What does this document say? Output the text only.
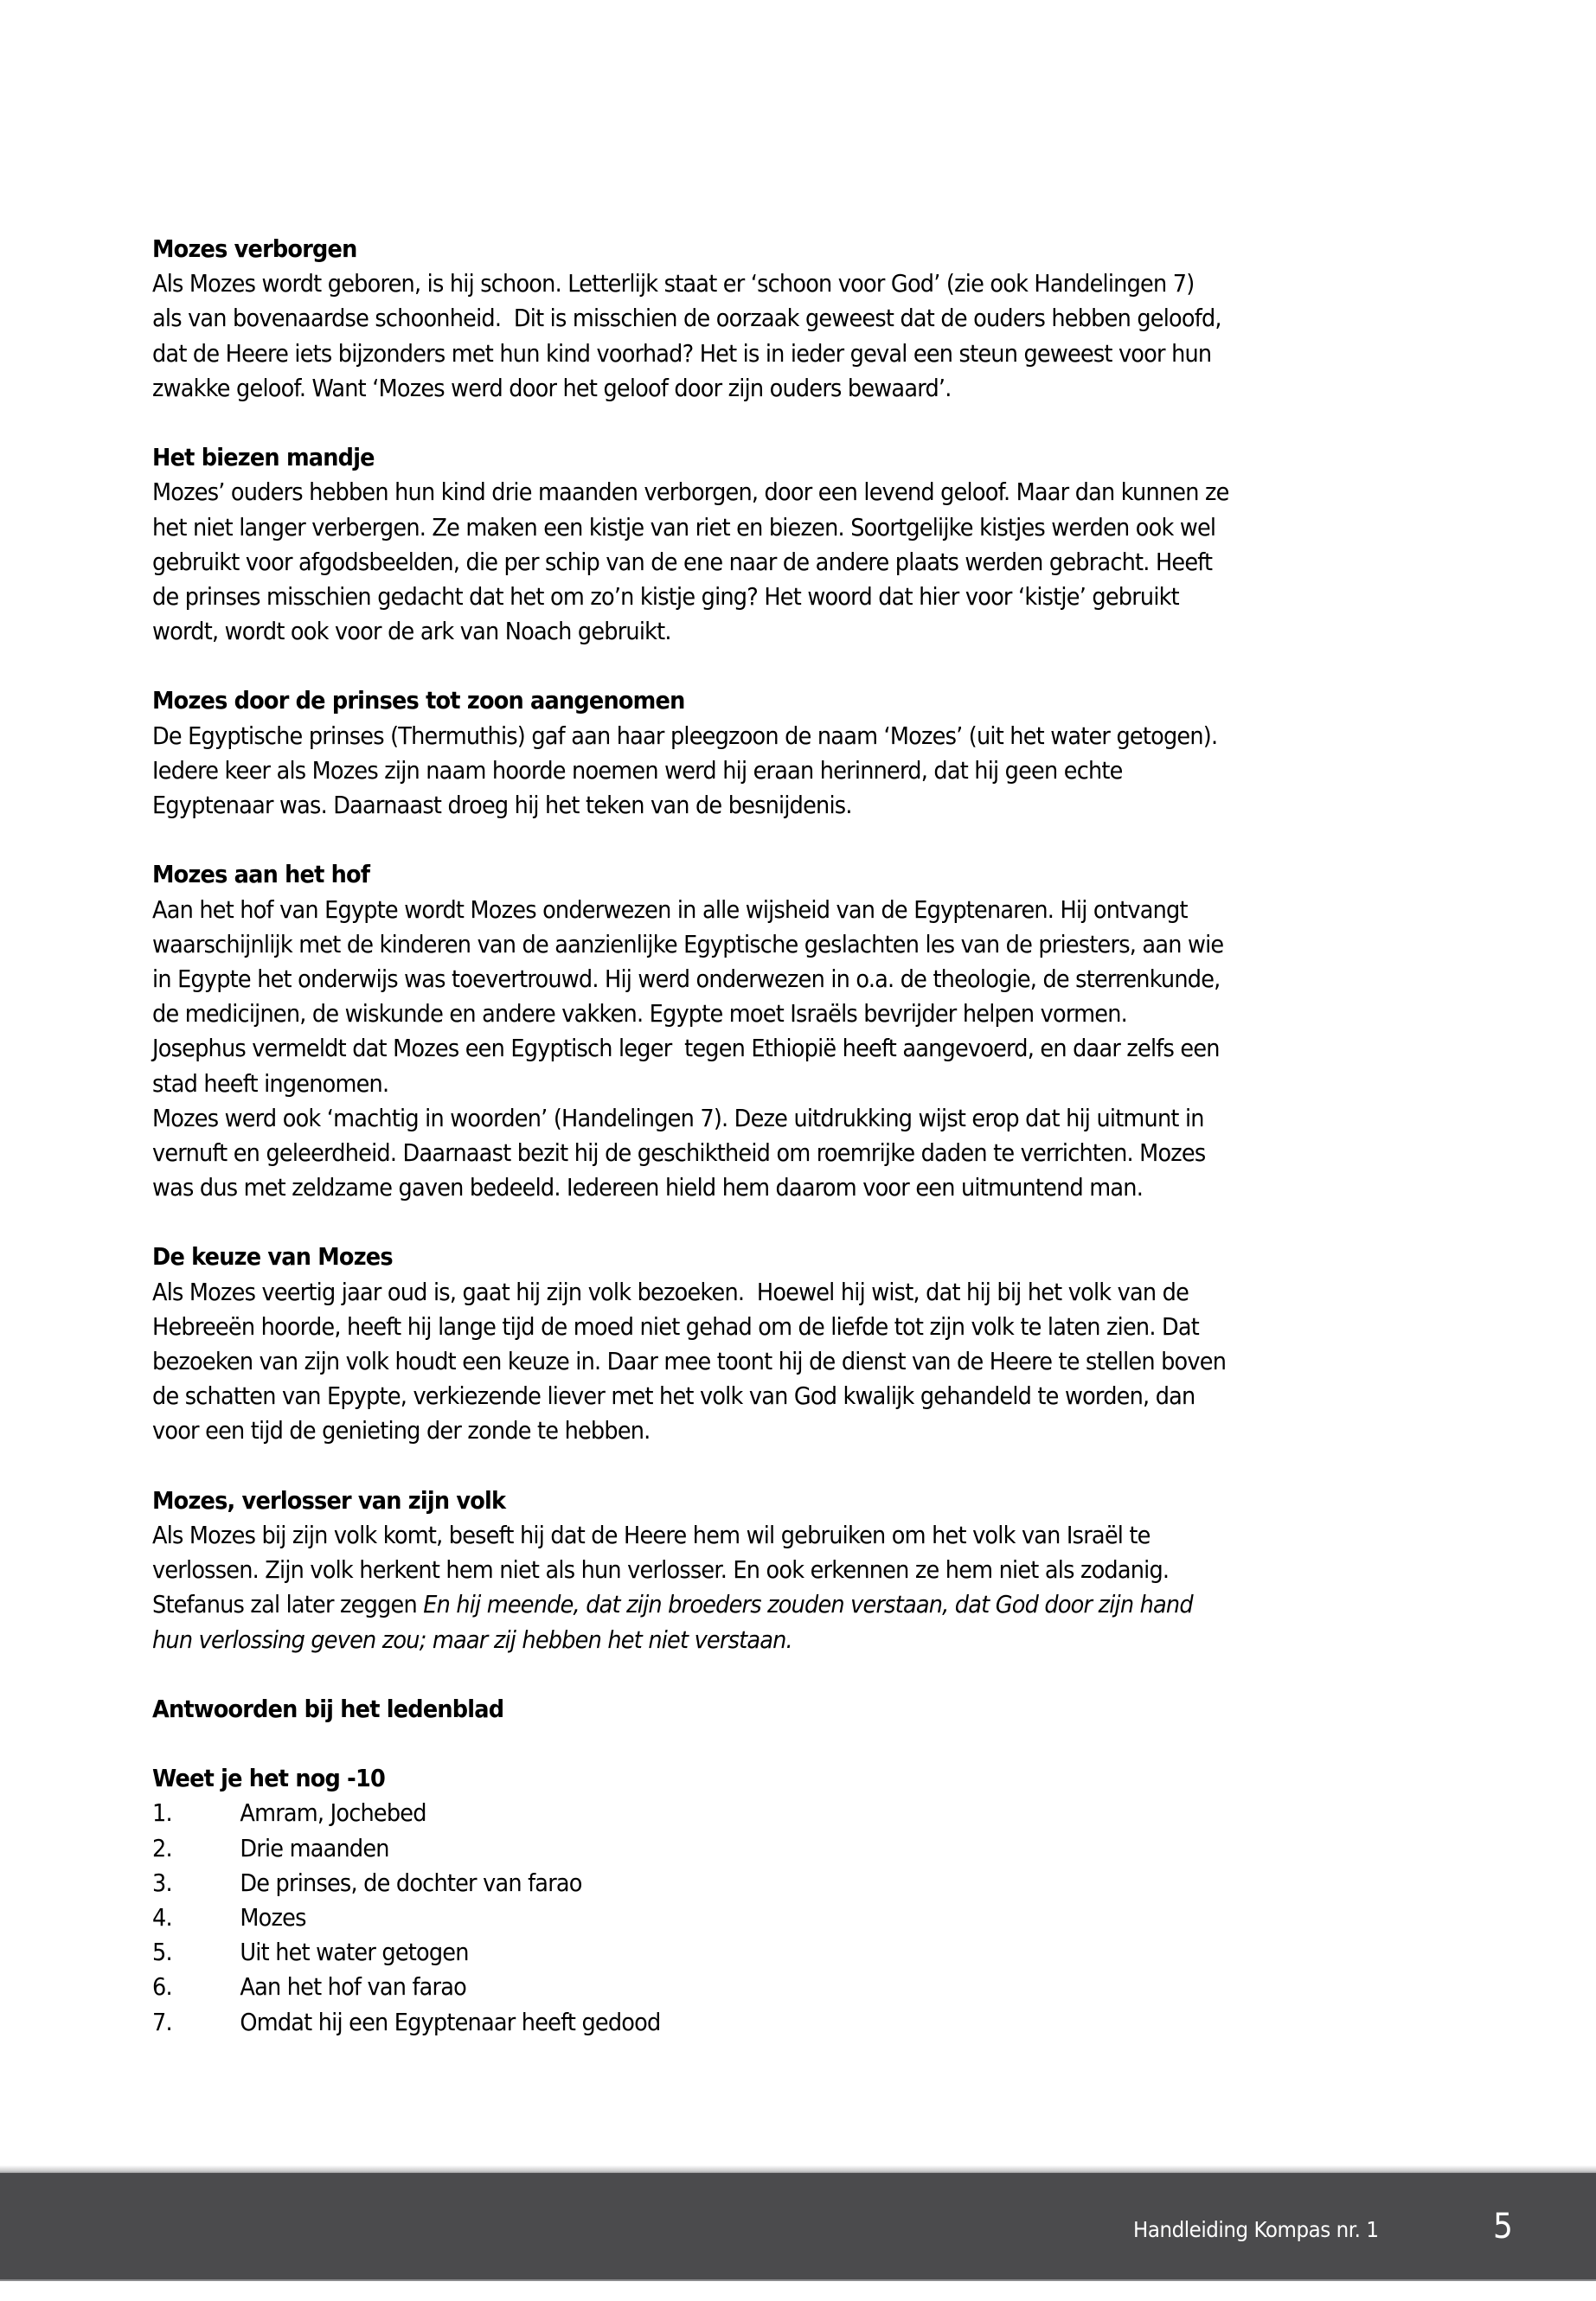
Mozes verborgen
Als Mozes wordt geboren, is hij schoon. Letterlijk staat er ‘schoon voor God’ (zie ook Handelingen 7)
als van bovenaardse schoonheid.  Dit is misschien de oorzaak geweest dat de ouders hebben geloofd,
dat de Heere iets bijzonders met hun kind voorhad? Het is in ieder geval een steun geweest voor hun
zwakke geloof. Want ‘Mozes werd door het geloof door zijn ouders bewaard’.
Het biezen mandje
Mozes’ ouders hebben hun kind drie maanden verborgen, door een levend geloof. Maar dan kunnen ze
het niet langer verbergen. Ze maken een kistje van riet en biezen. Soortgelijke kistjes werden ook wel
gebruikt voor afgodsbeelden, die per schip van de ene naar de andere plaats werden gebracht. Heeft
de prinses misschien gedacht dat het om zo’n kistje ging? Het woord dat hier voor ‘kistje’ gebruikt
wordt, wordt ook voor de ark van Noach gebruikt.
Mozes door de prinses tot zoon aangenomen
De Egyptische prinses (Thermuthis) gaf aan haar pleegzoon de naam ‘Mozes’ (uit het water getogen).
Iedere keer als Mozes zijn naam hoorde noemen werd hij eraan herinnerd, dat hij geen echte
Egyptenaar was. Daarnaast droeg hij het teken van de besnijdenis.
Mozes aan het hof
Aan het hof van Egypte wordt Mozes onderwezen in alle wijsheid van de Egyptenaren. Hij ontvangt
waarschijnlijk met de kinderen van de aanzienlijke Egyptische geslachten les van de priesters, aan wie
in Egypte het onderwijs was toevertrouwd. Hij werd onderwezen in o.a. de theologie, de sterrenkunde,
de medicijnen, de wiskunde en andere vakken. Egypte moet Israëls bevrijder helpen vormen.
Josephus vermeldt dat Mozes een Egyptisch leger  tegen Ethiopië heeft aangevoerd, en daar zelfs een
stad heeft ingenomen.
Mozes werd ook ‘machtig in woorden’ (Handelingen 7). Deze uitdrukking wijst erop dat hij uitmunt in
vernuft en geleerdheid. Daarnaast bezit hij de geschiktheid om roemrijke daden te verrichten. Mozes
was dus met zeldzame gaven bedeeld. Iedereen hield hem daarom voor een uitmuntend man.
De keuze van Mozes
Als Mozes veertig jaar oud is, gaat hij zijn volk bezoeken.  Hoewel hij wist, dat hij bij het volk van de
Hebreeën hoorde, heeft hij lange tijd de moed niet gehad om de liefde tot zijn volk te laten zien. Dat
bezoeken van zijn volk houdt een keuze in. Daar mee toont hij de dienst van de Heere te stellen boven
de schatten van Epypte, verkiezende liever met het volk van God kwalijk gehandeld te worden, dan
voor een tijd de genieting der zonde te hebben.
Mozes, verlosser van zijn volk
Als Mozes bij zijn volk komt, beseft hij dat de Heere hem wil gebruiken om het volk van Israël te
verlossen. Zijn volk herkent hem niet als hun verlosser. En ook erkennen ze hem niet als zodanig.
Stefanus zal later zeggen En hij meende, dat zijn broeders zouden verstaan, dat God door zijn hand
hun verlossing geven zou; maar zij hebben het niet verstaan.
Antwoorden bij het ledenblad
Weet je het nog -10
1.	Amram, Jochebed
2.	Drie maanden
3.	De prinses, de dochter van farao
4.	Mozes
5.	Uit het water getogen
6.	Aan het hof van farao
7.	Omdat hij een Egyptenaar heeft gedood
Handleiding Kompas nr. 1	5
